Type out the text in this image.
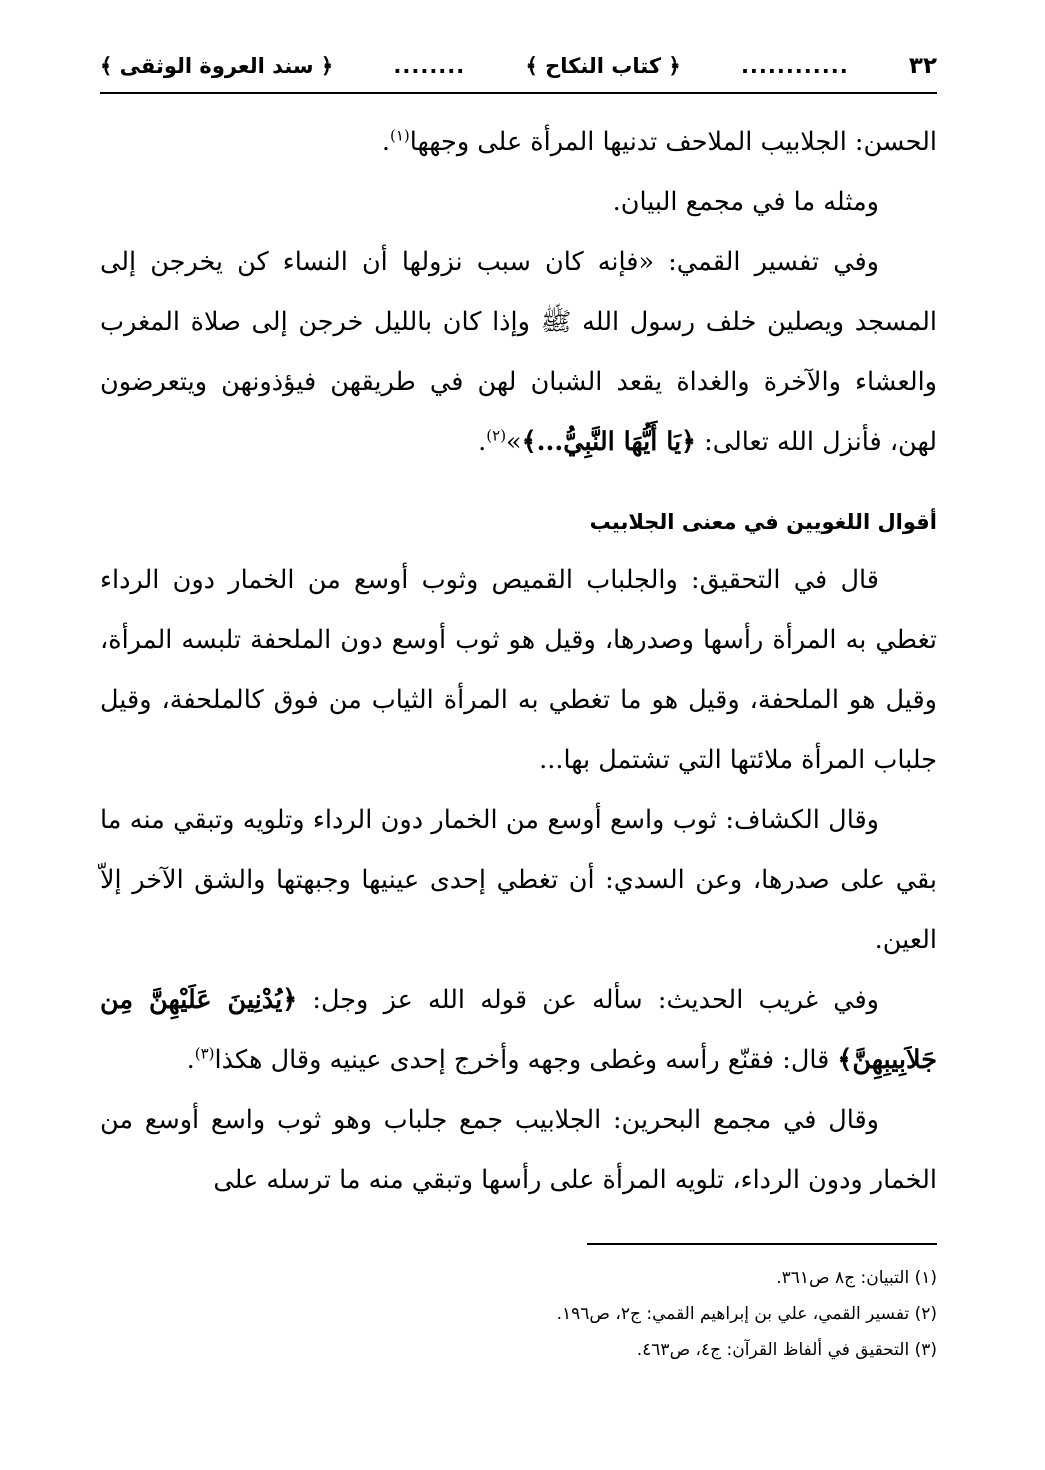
٣٢
............
﴿ كتاب النكاح ﴾
........
﴿ سند العروة الوثقى ﴾

الحسن: الجلابيب الملاحف تدنيها المرأة على وجهها$^{(١)}$.

ومثله ما في مجمع البيان.

وفي تفسير القمي: «فإنه كان سبب نزولها أن النساء كن يخرجن إلى المسجد ويصلين خلف رسول الله ﷺ وإذا كان بالليل خرجن إلى صلاة المغرب والعشاء والآخرة والغداة يقعد الشبان لهن في طريقهن فيؤذونهن ويتعرضون لهن، فأنزل الله تعالى: ﴿يَا أَيُّهَا النَّبِيُّ...﴾»$^{(٢)}$.

أقوال اللغويين في معنى الجلابيب

قال في التحقيق: والجلباب القميص وثوب أوسع من الخمار دون الرداء تغطي به المرأة رأسها وصدرها، وقيل هو ثوب أوسع دون الملحفة تلبسه المرأة، وقيل هو الملحفة، وقيل هو ما تغطي به المرأة الثياب من فوق كالملحفة، وقيل جلباب المرأة ملائتها التي تشتمل بها...

وقال الكشاف: ثوب واسع أوسع من الخمار دون الرداء وتلويه وتبقي منه ما بقي على صدرها، وعن السدي: أن تغطي إحدى عينيها وجبهتها والشق الآخر إلاّ العين.

وفي غريب الحديث: سأله عن قوله الله عز وجل: ﴿يُدْنِينَ عَلَيْهِنَّ مِن جَلاَبِيبِهِنَّ﴾ قال: فقنّع رأسه وغطى وجهه وأخرج إحدى عينيه وقال هكذا$^{(٣)}$.

وقال في مجمع البحرين: الجلابيب جمع جلباب وهو ثوب واسع أوسع من الخمار ودون الرداء، تلويه المرأة على رأسها وتبقي منه ما ترسله على

(١) التبيان: ج٨ ص٣٦١.
(٢) تفسير القمي، علي بن إبراهيم القمي: ج٢، ص١٩٦.
(٣) التحقيق في ألفاظ القرآن: ج٤، ص٤٦٣.
